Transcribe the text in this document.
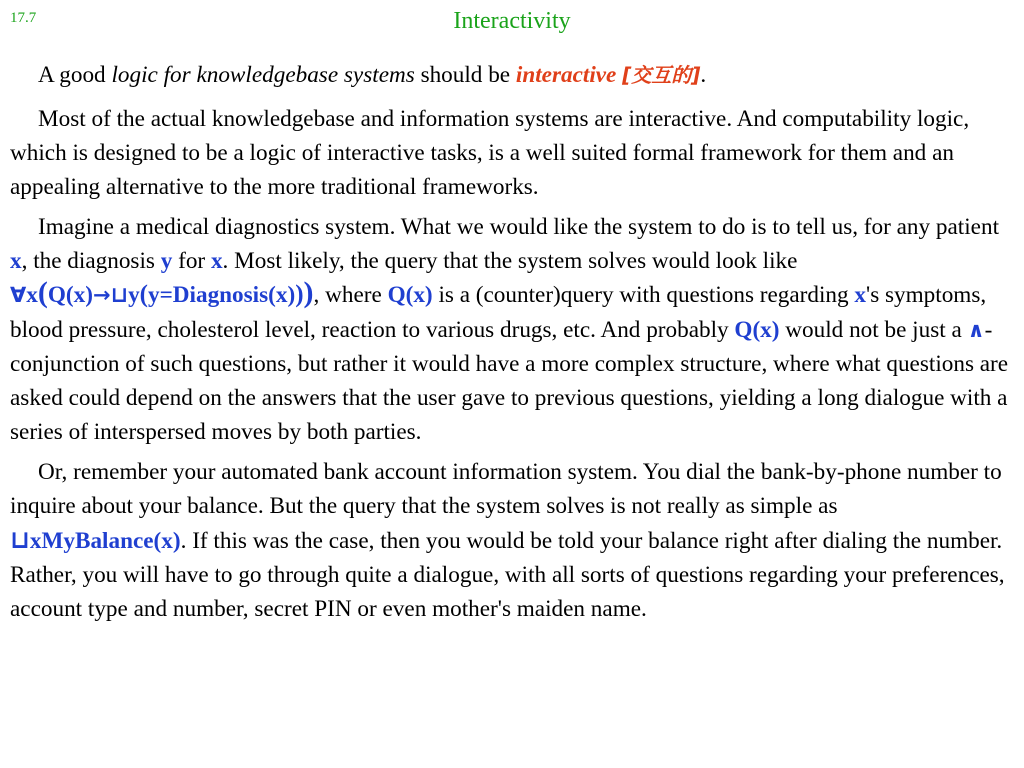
17.7	Interactivity

A good logic for knowledgebase systems should be interactive [交互的].

Most of the actual knowledgebase and information systems are interactive. And computability logic, which is designed to be a logic of interactive tasks, is a well suited formal framework for them and an appealing alternative to the more traditional frameworks.

Imagine a medical diagnostics system. What we would like the system to do is to tell us, for any patient x, the diagnosis y for x. Most likely, the query that the system solves would look like ∀x(Q(x)→⊔y(y=Diagnosis(x))), where Q(x) is a (counter)query with questions regarding x's symptoms, blood pressure, cholesterol level, reaction to various drugs, etc. And probably Q(x) would not be just a ∧-conjunction of such questions, but rather it would have a more complex structure, where what questions are asked could depend on the answers that the user gave to previous questions, yielding a long dialogue with a series of interspersed moves by both parties.

Or, remember your automated bank account information system. You dial the bank-by-phone number to inquire about your balance. But the query that the system solves is not really as simple as ⊔xMyBalance(x). If this was the case, then you would be told your balance right after dialing the number. Rather, you will have to go through quite a dialogue, with all sorts of questions regarding your preferences, account type and number, secret PIN or even mother's maiden name.
